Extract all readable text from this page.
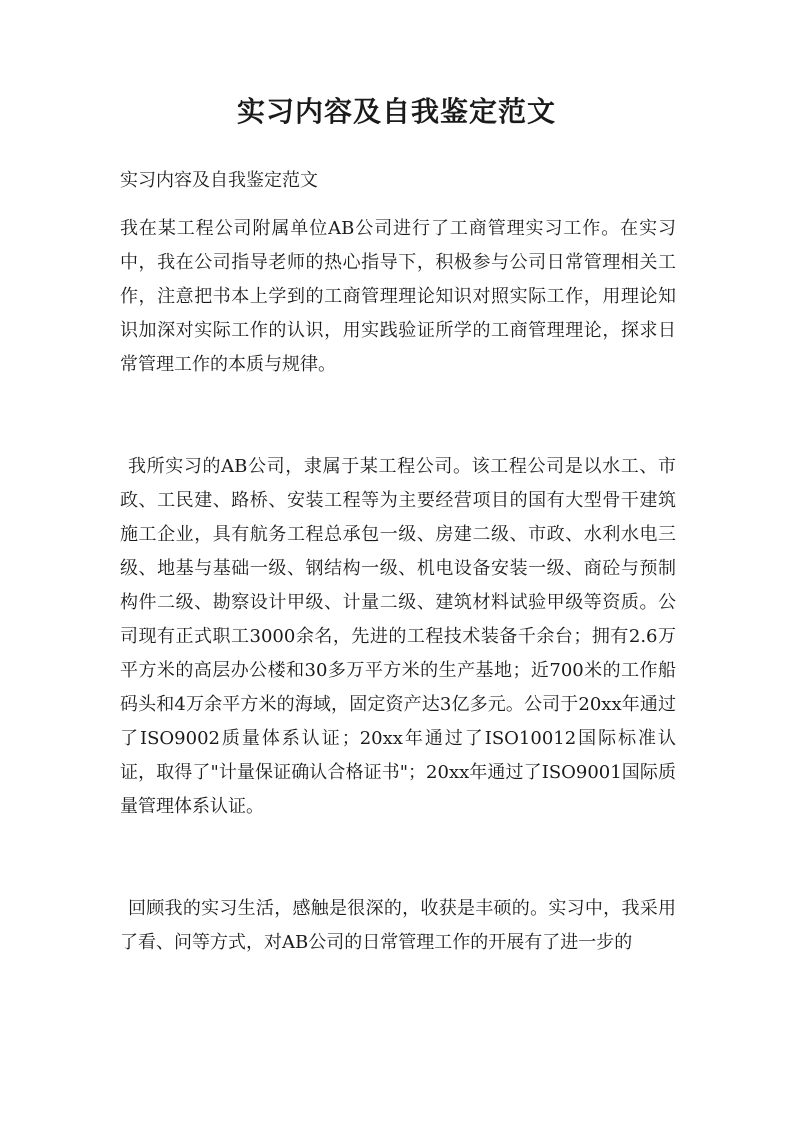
实习内容及自我鉴定范文

实习内容及自我鉴定范文

我在某工程公司附属单位AB公司进行了工商管理实习工作。在实习中，我在公司指导老师的热心指导下，积极参与公司日常管理相关工作，注意把书本上学到的工商管理理论知识对照实际工作，用理论知识加深对实际工作的认识，用实践验证所学的工商管理理论，探求日常管理工作的本质与规律。

我所实习的AB公司，隶属于某工程公司。该工程公司是以水工、市政、工民建、路桥、安装工程等为主要经营项目的国有大型骨干建筑施工企业，具有航务工程总承包一级、房建二级、市政、水利水电三级、地基与基础一级、钢结构一级、机电设备安装一级、商砼与预制构件二级、勘察设计甲级、计量二级、建筑材料试验甲级等资质。公司现有正式职工3000余名，先进的工程技术装备千余台；拥有2.6万平方米的高层办公楼和30多万平方米的生产基地；近700米的工作船码头和4万余平方米的海域，固定资产达3亿多元。公司于20xx年通过了ISO9002质量体系认证；20xx年通过了ISO10012国际标准认证，取得了"计量保证确认合格证书"；20xx年通过了ISO9001国际质量管理体系认证。

回顾我的实习生活，感触是很深的，收获是丰硕的。实习中，我采用了看、问等方式，对AB公司的日常管理工作的开展有了进一步的
